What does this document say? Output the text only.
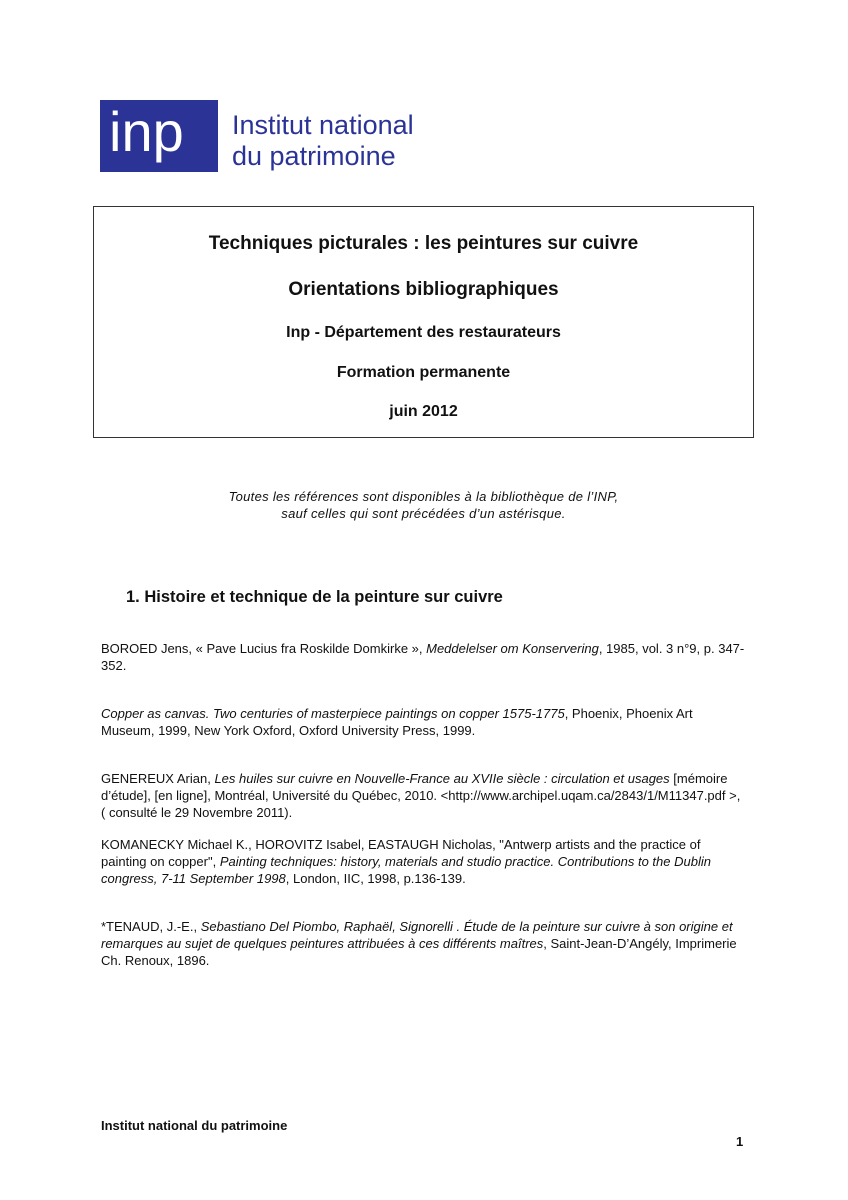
inp Institut national
du patrimoine
Techniques picturales : les peintures sur cuivre
Orientations bibliographiques
Inp - Département des restaurateurs
Formation permanente
juin 2012
Toutes les références sont disponibles à la bibliothèque de l’INP,
sauf celles qui sont précédées d’un astérisque.
1. Histoire et technique de la peinture sur cuivre
BOROED Jens, « Pave Lucius fra Roskilde Domkirke », Meddelelser om Konservering, 1985, vol. 3 n°9, p. 347-352.
Copper as canvas. Two centuries of masterpiece paintings on copper 1575-1775, Phoenix, Phoenix Art Museum, 1999, New York Oxford, Oxford University Press, 1999.
GENEREUX Arian, Les huiles sur cuivre en Nouvelle-France au XVIIe siècle : circulation et usages [mémoire d’étude], [en ligne], Montréal, Université du Québec, 2010. <http://www.archipel.uqam.ca/2843/1/M11347.pdf >, ( consulté le 29 Novembre 2011).
KOMANECKY Michael K., HOROVITZ Isabel, EASTAUGH Nicholas, "Antwerp artists and the practice of painting on copper", Painting techniques: history, materials and studio practice. Contributions to the Dublin congress, 7-11 September 1998, London, IIC, 1998, p.136-139.
*TENAUD, J.-E., Sebastiano Del Piombo, Raphaël, Signorelli . Étude de la peinture sur cuivre à son origine et remarques au sujet de quelques peintures attribuées à ces différents maîtres, Saint-Jean-D’Angély, Imprimerie Ch. Renoux, 1896.
Institut national du patrimoine
1
